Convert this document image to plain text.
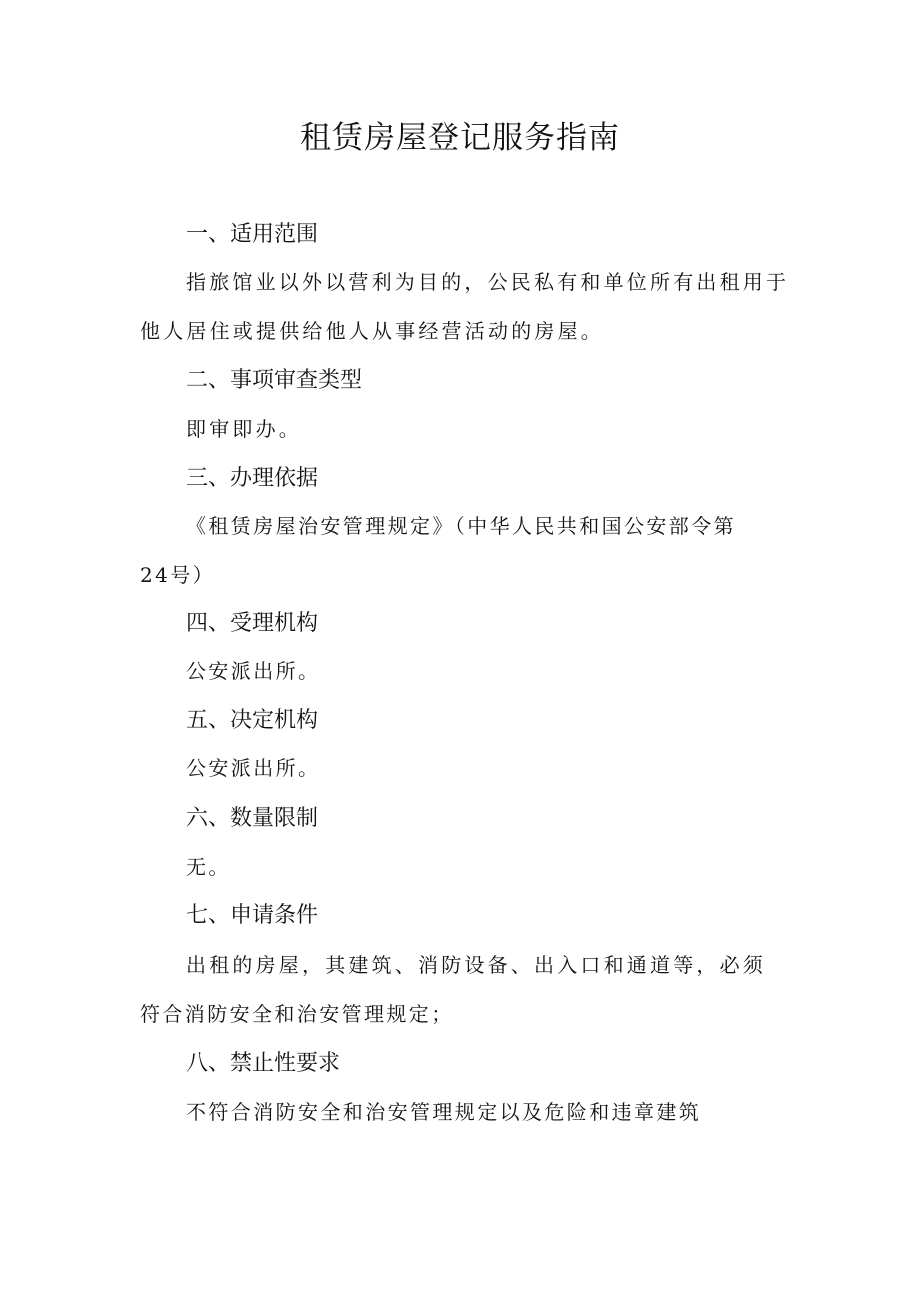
租赁房屋登记服务指南
一、适用范围

指旅馆业以外以营利为目的，公民私有和单位所有出租用于

他人居住或提供给他人从事经营活动的房屋。

二、事项审查类型

即审即办。

三、办理依据

《租赁房屋治安管理规定》（中华人民共和国公安部令第

24号）

四、受理机构

公安派出所。

五、决定机构

公安派出所。

六、数量限制

无。

七、申请条件

出租的房屋，其建筑、消防设备、出入口和通道等，必须

符合消防安全和治安管理规定；

八、禁止性要求

不符合消防安全和治安管理规定以及危险和违章建筑
